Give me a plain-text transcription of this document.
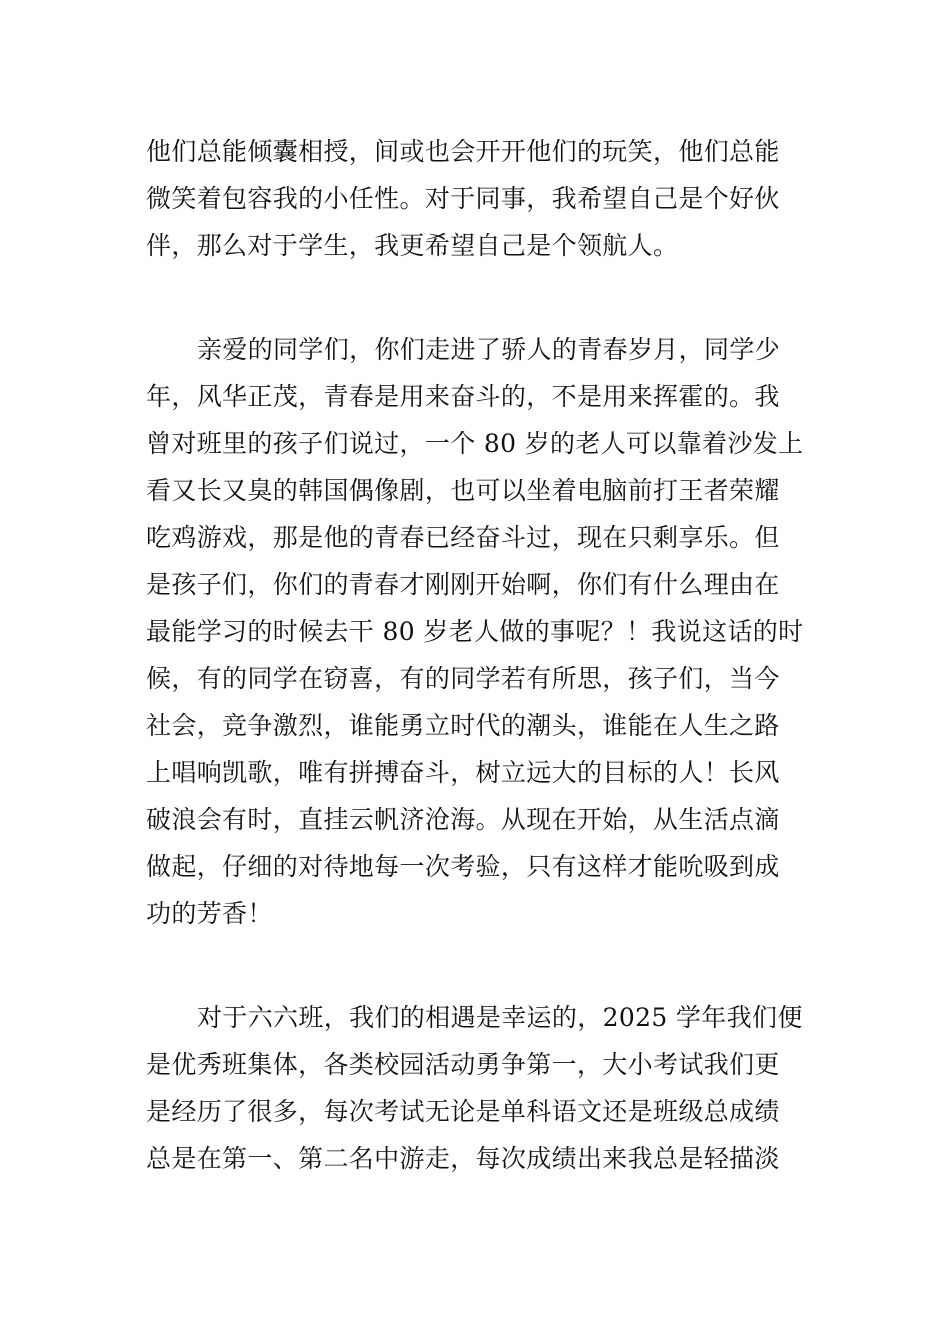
他们总能倾囊相授，间或也会开开他们的玩笑，他们总能
微笑着包容我的小任性。对于同事，我希望自己是个好伙
伴，那么对于学生，我更希望自己是个领航人。
亲爱的同学们，你们走进了骄人的青春岁月，同学少
年，风华正茂，青春是用来奋斗的，不是用来挥霍的。我
曾对班里的孩子们说过，一个 80 岁的老人可以靠着沙发上
看又长又臭的韩国偶像剧，也可以坐着电脑前打王者荣耀
吃鸡游戏，那是他的青春已经奋斗过，现在只剩享乐。但
是孩子们，你们的青春才刚刚开始啊，你们有什么理由在
最能学习的时候去干 80 岁老人做的事呢？！我说这话的时
候，有的同学在窃喜，有的同学若有所思，孩子们，当今
社会，竞争激烈，谁能勇立时代的潮头，谁能在人生之路
上唱响凯歌，唯有拼搏奋斗，树立远大的目标的人！长风
破浪会有时，直挂云帆济沧海。从现在开始，从生活点滴
做起，仔细的对待地每一次考验，只有这样才能吮吸到成
功的芳香！
对于六六班，我们的相遇是幸运的，2025 学年我们便
是优秀班集体，各类校园活动勇争第一，大小考试我们更
是经历了很多，每次考试无论是单科语文还是班级总成绩
总是在第一、第二名中游走，每次成绩出来我总是轻描淡
